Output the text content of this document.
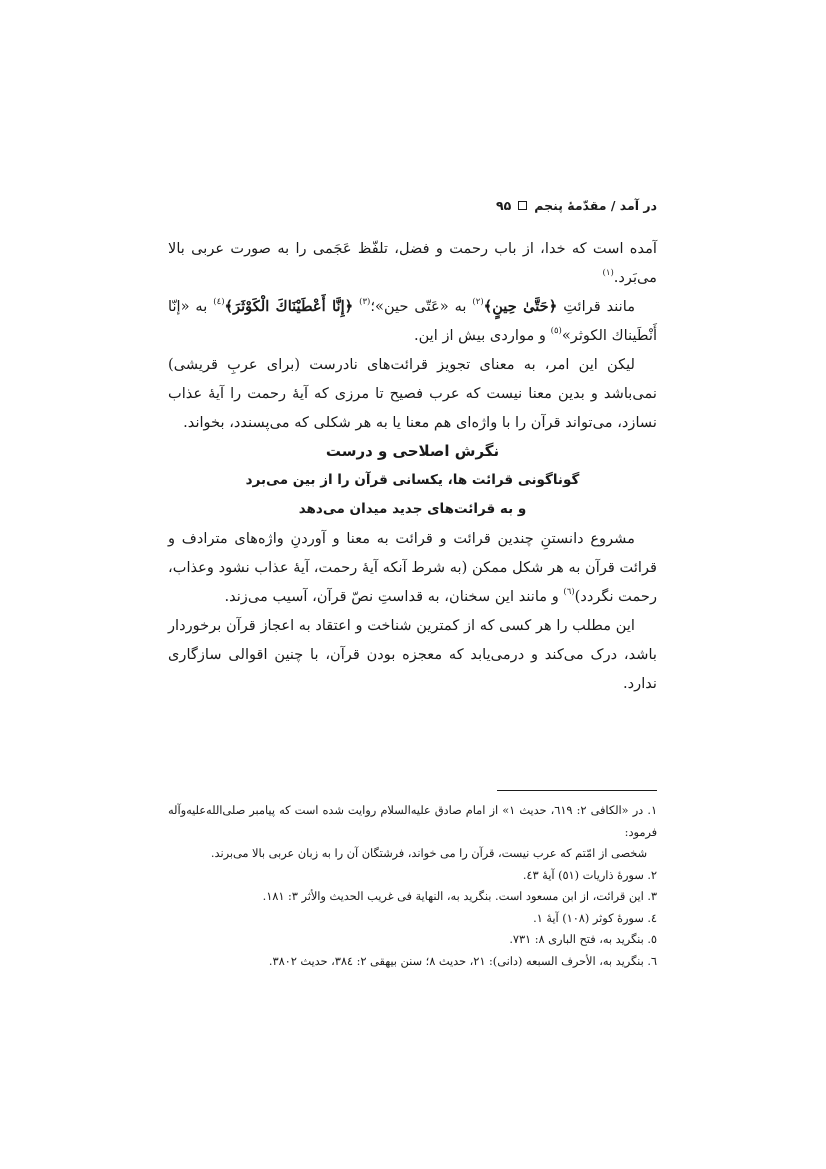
در آمد / مقدّمهٔ پنجم
۹۵

آمده است که خدا، از باب رحمت و فضل، تلفّظ عَجَمی را به صورت عربی بالا می‌بَرد.$^{(۱)}$

مانند قرائتِ ﴿حَتَّىٰ حِينٍ﴾$^{(۲)}$ به «عَتّی حین»؛$^{(۳)}$ ﴿إِنَّا أَعْطَيْنَاكَ الْكَوْثَرَ﴾$^{(٤)}$ به «إنّا أَنْطَيناك الكوثر»$^{(٥)}$ و مواردی بیش از این.

لیکن این امر، به معنای تجویز قرائت‌های نادرست (برای عربِ قریشی) نمی‌باشد و بدین معنا نیست که عرب فصیح تا مرزی که آیهٔ رحمت را آیهٔ عذاب نسازد، می‌تواند قرآن را با واژه‌ای هم معنا یا به هر شکلی که می‌پسندد، بخواند.

نگرش اصلاحی و درست
گوناگونی قرائت ها، یکسانی قرآن را از بین می‌برد
و به قرائت‌های جدید میدان می‌دهد

مشروع دانستنِ چندین قرائت و قرائت به معنا و آوردنِ واژه‌های مترادف و قرائت قرآن به هر شکل ممکن (به شرط آنکه آیهٔ رحمت، آیهٔ عذاب نشود وعذاب، رحمت نگردد)$^{(٦)}$ و مانند این سخنان، به قداستِ نصّ قرآن، آسیب می‌زند.

این مطلب را هر کسی که از کمترین شناخت و اعتقاد به اعجاز قرآن برخوردار باشد، درک می‌کند و درمی‌یابد که معجزه بودن قرآن، با چنین اقوالی سازگاری ندارد.

۱. در «الکافی ۲: ٦۱۹، حدیث ۱» از امام صادق علیه‌السلام روایت شده است که پیامبر صلی‌الله‌علیه‌وآله فرمود:

شخصی از امّتم که عرب نیست، قرآن را می خواند، فرشتگان آن را به زبان عربی بالا می‌برند.

۲. سورهٔ ذاریات (٥۱) آیهٔ ٤۳.

۳. این قرائت، از ابن مسعود است. بنگرید به، النهایة فی غریب الحدیث والأثر ۳: ۱۸۱.

٤. سورهٔ کوثر (۱۰۸) آیهٔ ۱.

٥. بنگرید به، فتح الباری ۸: ۷۳۱.

٦. بنگرید به، الأحرف السبعه (دانی): ۲۱، حدیث ۸؛ سنن بیهقی ۲: ۳۸٤، حدیث ۳۸۰۲.
